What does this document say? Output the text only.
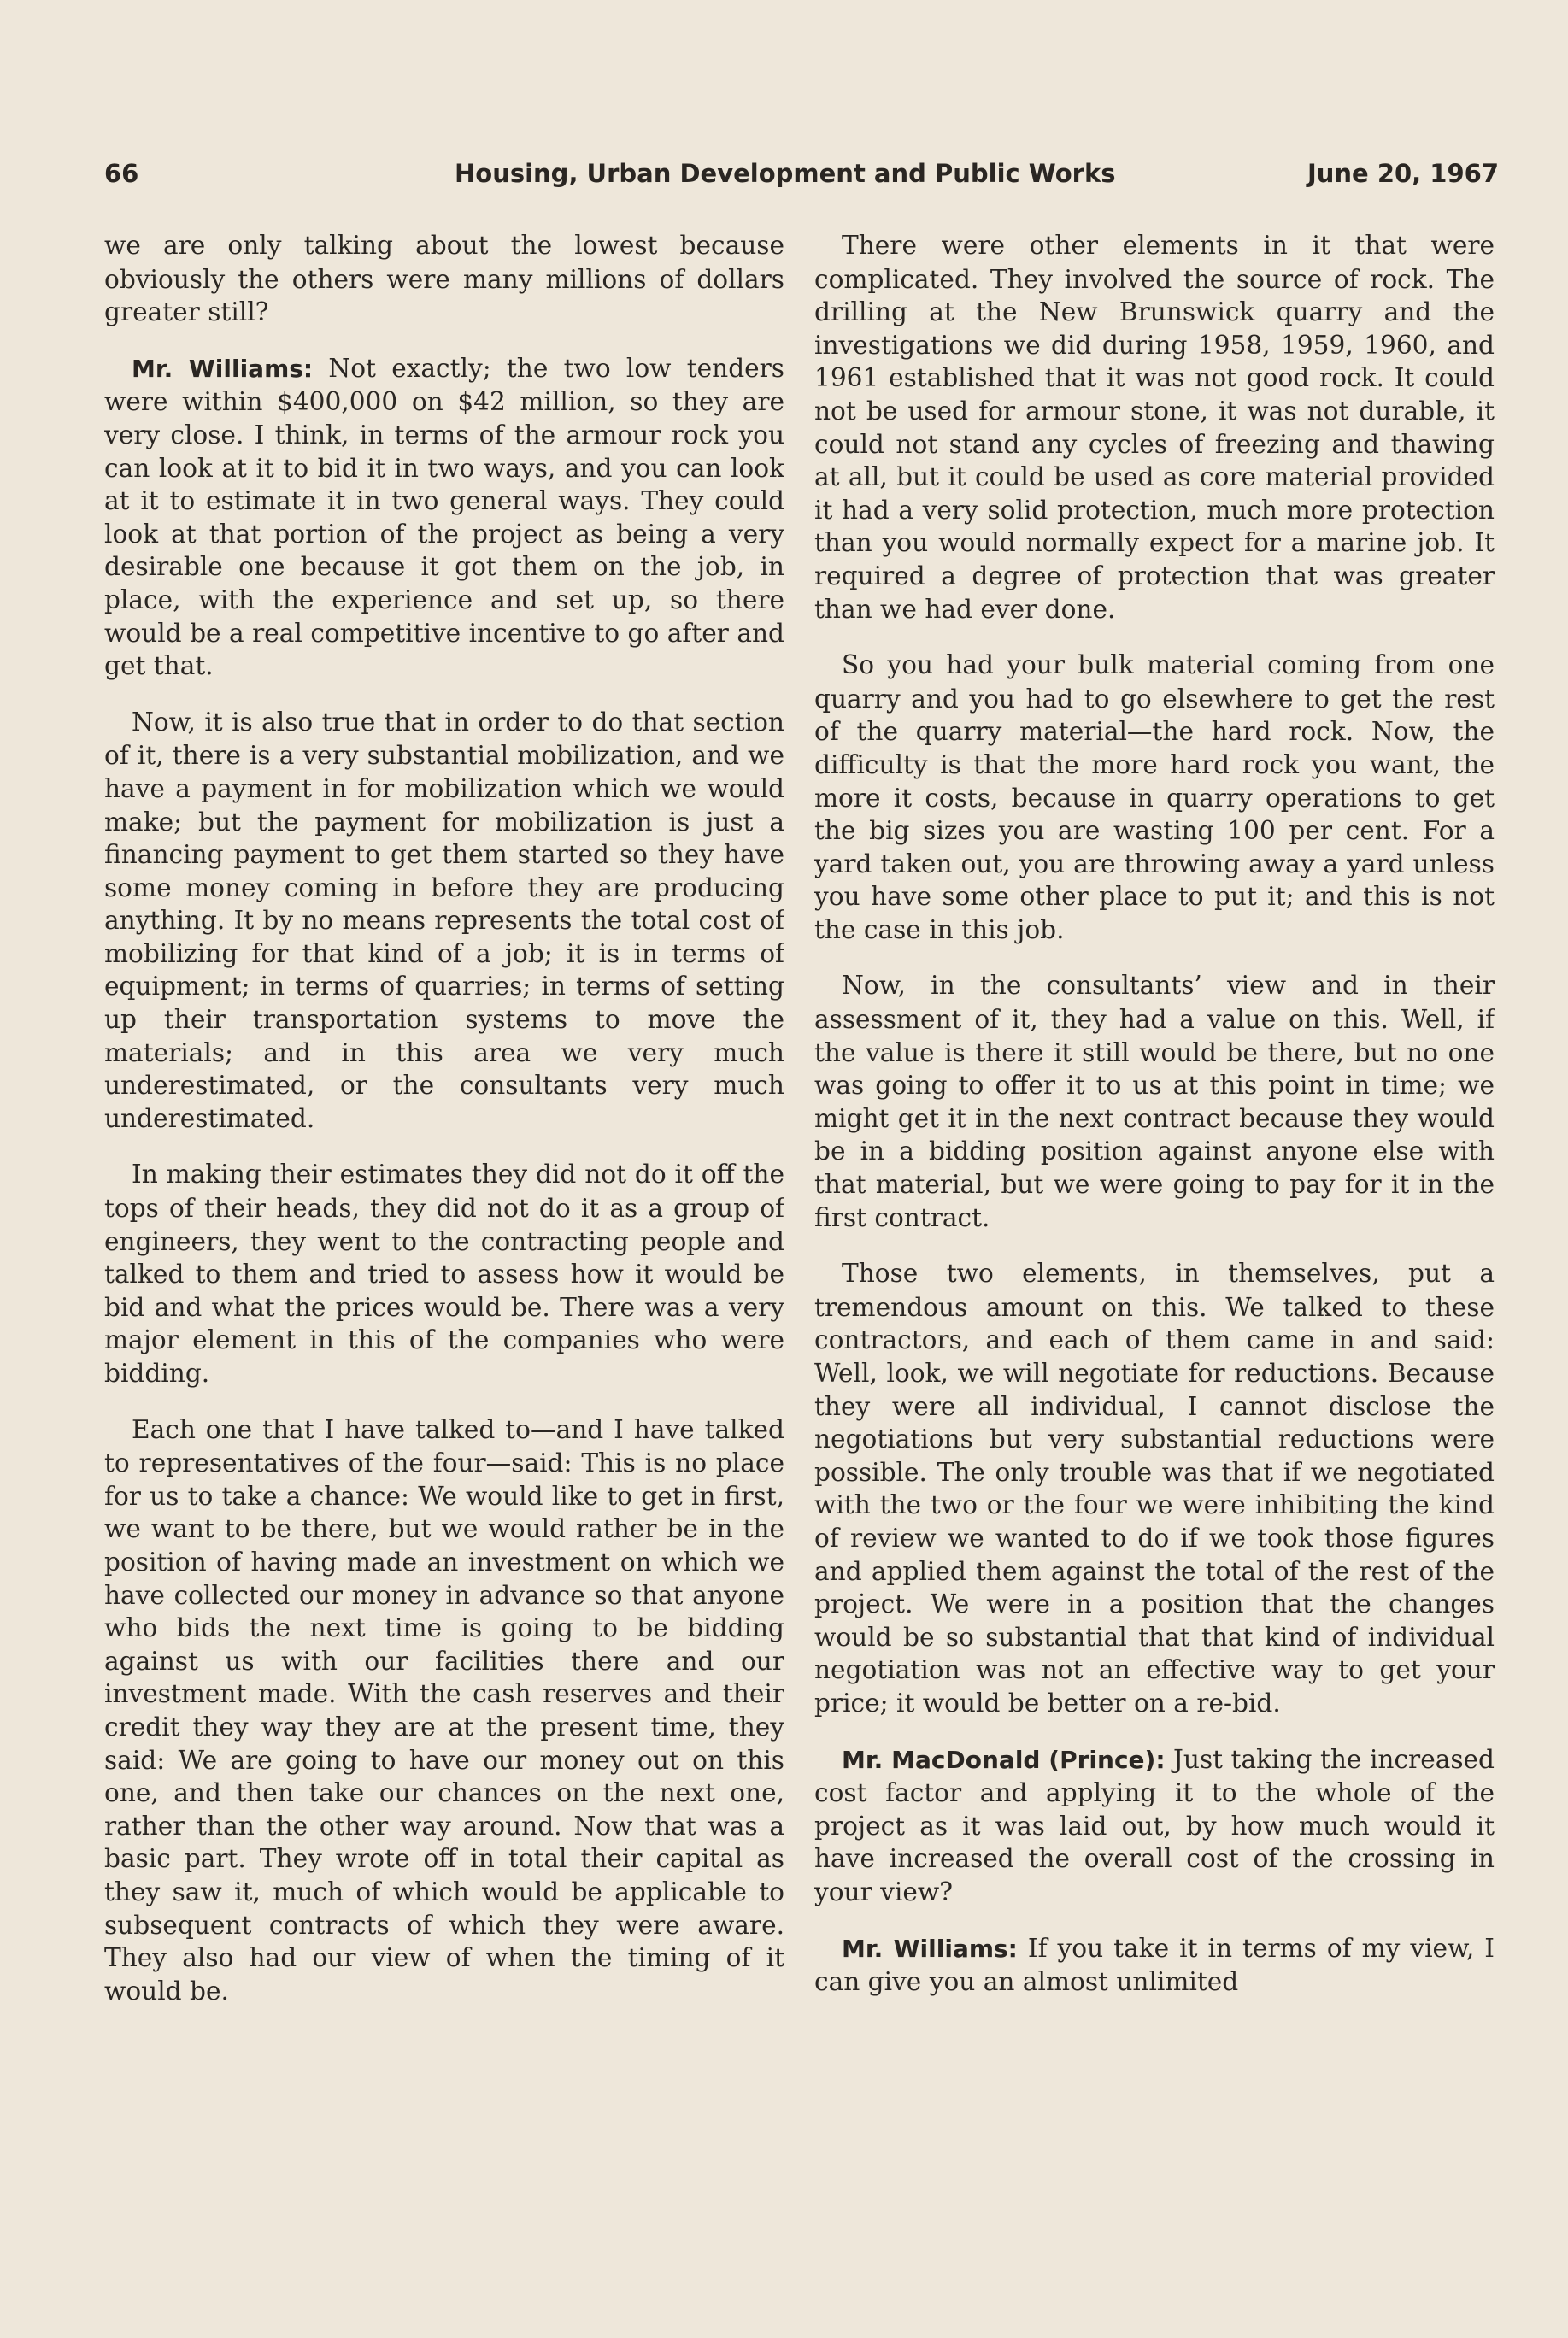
66	Housing, Urban Development and Public Works	June 20, 1967

we are only talking about the lowest because obviously the others were many millions of dollars greater still?

Mr. Williams: Not exactly; the two low tenders were within $400,000 on $42 million, so they are very close. I think, in terms of the armour rock you can look at it to bid it in two ways, and you can look at it to estimate it in two general ways. They could look at that portion of the project as being a very desirable one because it got them on the job, in place, with the experience and set up, so there would be a real competitive incentive to go after and get that.

Now, it is also true that in order to do that section of it, there is a very substantial mobilization, and we have a payment in for mobilization which we would make; but the payment for mobilization is just a financing payment to get them started so they have some money coming in before they are producing anything. It by no means represents the total cost of mobilizing for that kind of a job; it is in terms of equipment; in terms of quarries; in terms of setting up their transportation systems to move the materials; and in this area we very much underestimated, or the consultants very much underestimated.

In making their estimates they did not do it off the tops of their heads, they did not do it as a group of engineers, they went to the contracting people and talked to them and tried to assess how it would be bid and what the prices would be. There was a very major element in this of the companies who were bidding.

Each one that I have talked to—and I have talked to representatives of the four—said: This is no place for us to take a chance: We would like to get in first, we want to be there, but we would rather be in the position of having made an investment on which we have collected our money in advance so that anyone who bids the next time is going to be bidding against us with our facilities there and our investment made. With the cash reserves and their credit they way they are at the present time, they said: We are going to have our money out on this one, and then take our chances on the next one, rather than the other way around. Now that was a basic part. They wrote off in total their capital as they saw it, much of which would be applicable to subsequent contracts of which they were aware. They also had our view of when the timing of it would be.

There were other elements in it that were complicated. They involved the source of rock. The drilling at the New Brunswick quarry and the investigations we did during 1958, 1959, 1960, and 1961 established that it was not good rock. It could not be used for armour stone, it was not durable, it could not stand any cycles of freezing and thawing at all, but it could be used as core material provided it had a very solid protection, much more protection than you would normally expect for a marine job. It required a degree of protection that was greater than we had ever done.

So you had your bulk material coming from one quarry and you had to go elsewhere to get the rest of the quarry material—the hard rock. Now, the difficulty is that the more hard rock you want, the more it costs, because in quarry operations to get the big sizes you are wasting 100 per cent. For a yard taken out, you are throwing away a yard unless you have some other place to put it; and this is not the case in this job.

Now, in the consultants’ view and in their assessment of it, they had a value on this. Well, if the value is there it still would be there, but no one was going to offer it to us at this point in time; we might get it in the next contract because they would be in a bidding position against anyone else with that material, but we were going to pay for it in the first contract.

Those two elements, in themselves, put a tremendous amount on this. We talked to these contractors, and each of them came in and said: Well, look, we will negotiate for reductions. Because they were all individual, I cannot disclose the negotiations but very substantial reductions were possible. The only trouble was that if we negotiated with the two or the four we were inhibiting the kind of review we wanted to do if we took those figures and applied them against the total of the rest of the project. We were in a position that the changes would be so substantial that that kind of individual negotiation was not an effective way to get your price; it would be better on a re-bid.

Mr. MacDonald (Prince): Just taking the increased cost factor and applying it to the whole of the project as it was laid out, by how much would it have increased the overall cost of the crossing in your view?

Mr. Williams: If you take it in terms of my view, I can give you an almost unlimited
